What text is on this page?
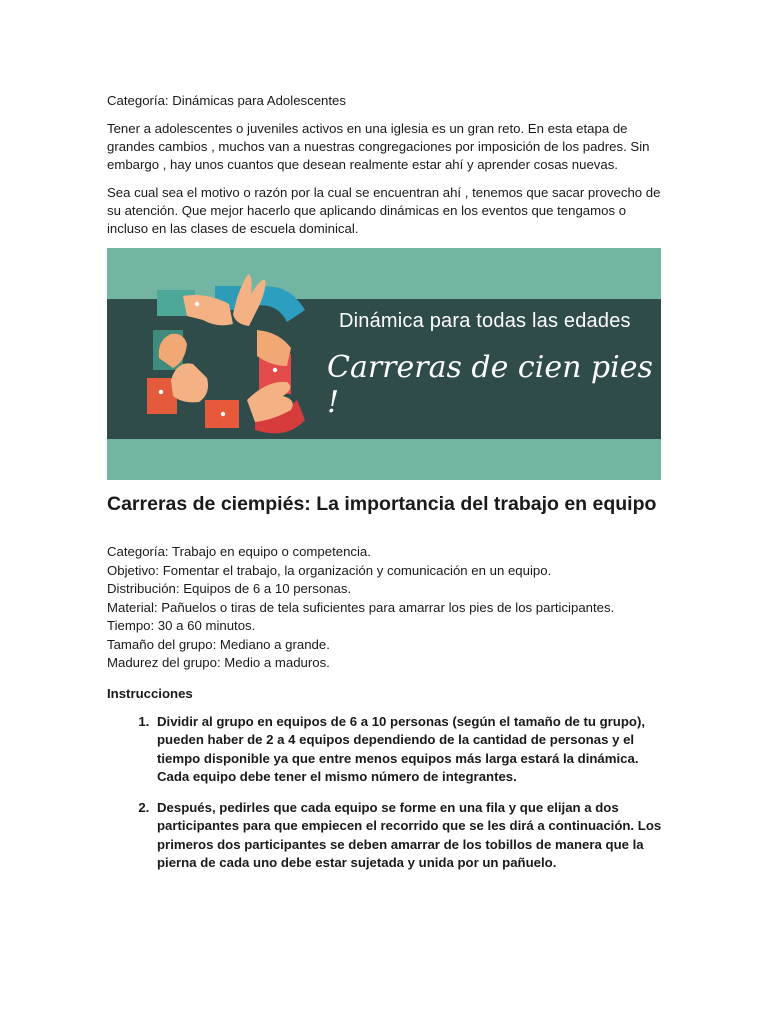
Categoría: Dinámicas para Adolescentes

Tener a adolescentes o juveniles activos en una iglesia es un gran reto. En esta etapa de grandes cambios , muchos van a nuestras congregaciones por imposición de los padres. Sin embargo , hay unos cuantos que desean realmente estar ahí y aprender cosas nuevas.

Sea cual sea el motivo o razón por la cual se encuentran ahí , tenemos que sacar provecho de su atención. Que mejor hacerlo que aplicando dinámicas en los eventos que tengamos o incluso en las clases de escuela dominical.

Dinámica para todas las edades
Carreras de cien pies !
Carreras de ciempiés: La importancia del trabajo en equipo

Categoría: Trabajo en equipo o competencia.

Objetivo: Fomentar el trabajo, la organización y comunicación en un equipo.

Distribución: Equipos de 6 a 10 personas.

Material: Pañuelos o tiras de tela suficientes para amarrar los pies de los participantes.

Tiempo: 30 a 60 minutos.

Tamaño del grupo: Mediano a grande.

Madurez del grupo: Medio a maduros.

Instrucciones

1. Dividir al grupo en equipos de 6 a 10 personas (según el tamaño de tu grupo), pueden haber de 2 a 4 equipos dependiendo de la cantidad de personas y el tiempo disponible ya que entre menos equipos más larga estará la dinámica. Cada equipo debe tener el mismo número de integrantes.
2. Después, pedirles que cada equipo se forme en una fila y que elijan a dos participantes para que empiecen el recorrido que se les dirá a continuación. Los primeros dos participantes se deben amarrar de los tobillos de manera que la pierna de cada uno debe estar sujetada y unida por un pañuelo.
